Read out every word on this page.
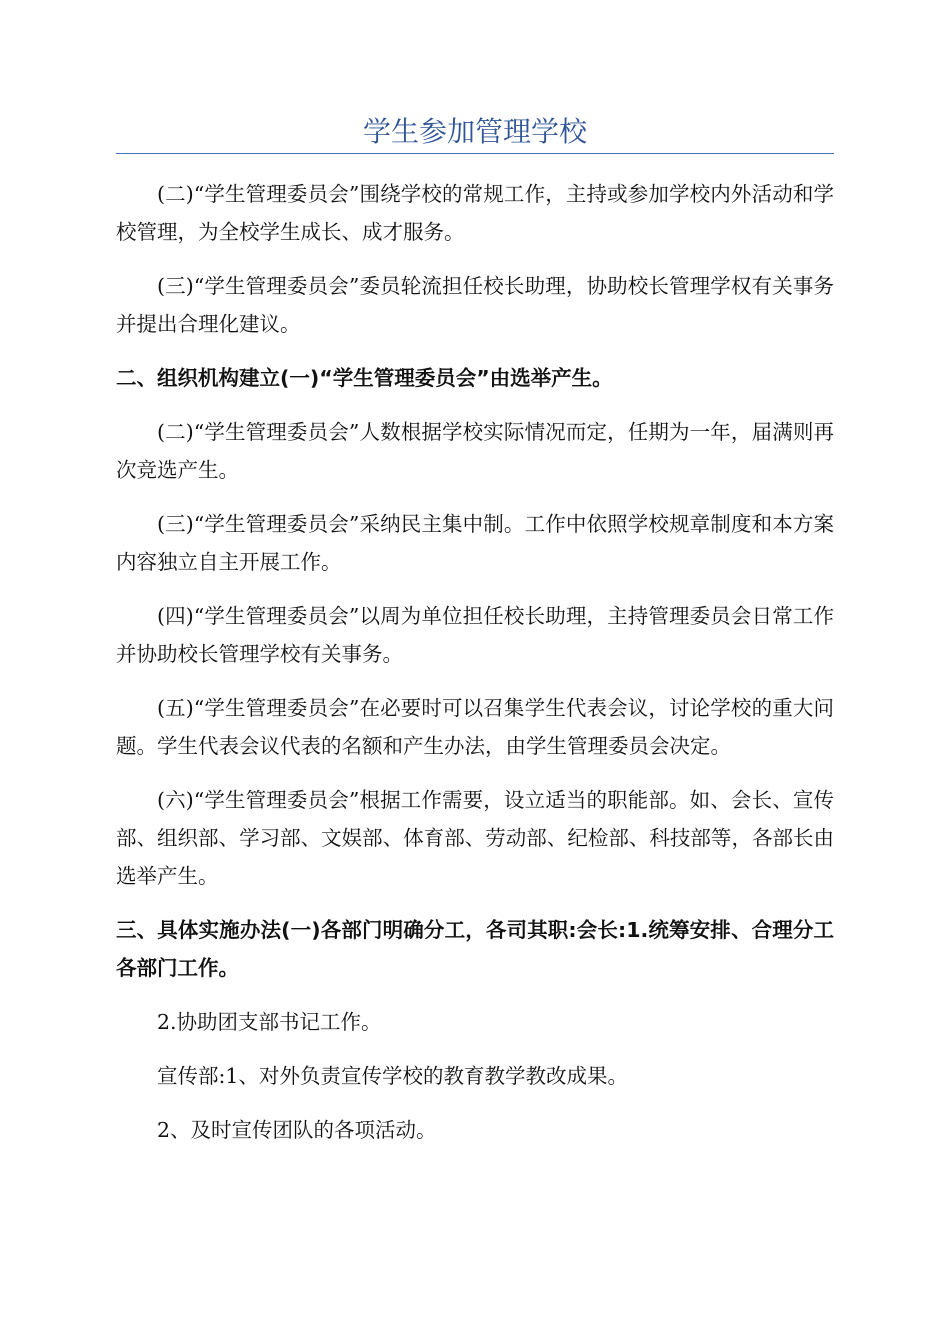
学生参加管理学校

(二)“学生管理委员会”围绕学校的常规工作，主持或参加学校内外活动和学校管理，为全校学生成长、成才服务。

(三)“学生管理委员会”委员轮流担任校长助理，协助校长管理学权有关事务并提出合理化建议。

二、组织机构建立(一)“学生管理委员会”由选举产生。

(二)“学生管理委员会”人数根据学校实际情况而定，任期为一年，届满则再次竞选产生。

(三)“学生管理委员会”采纳民主集中制。工作中依照学校规章制度和本方案内容独立自主开展工作。

(四)“学生管理委员会”以周为单位担任校长助理，主持管理委员会日常工作并协助校长管理学校有关事务。

(五)“学生管理委员会”在必要时可以召集学生代表会议，讨论学校的重大问题。学生代表会议代表的名额和产生办法，由学生管理委员会决定。

(六)“学生管理委员会”根据工作需要，设立适当的职能部。如、会长、宣传部、组织部、学习部、文娱部、体育部、劳动部、纪检部、科技部等，各部长由选举产生。

三、具体实施办法(一)各部门明确分工，各司其职:会长:1.统筹安排、合理分工各部门工作。

2.协助团支部书记工作。

宣传部:1、对外负责宣传学校的教育教学教改成果。

2、及时宣传团队的各项活动。
